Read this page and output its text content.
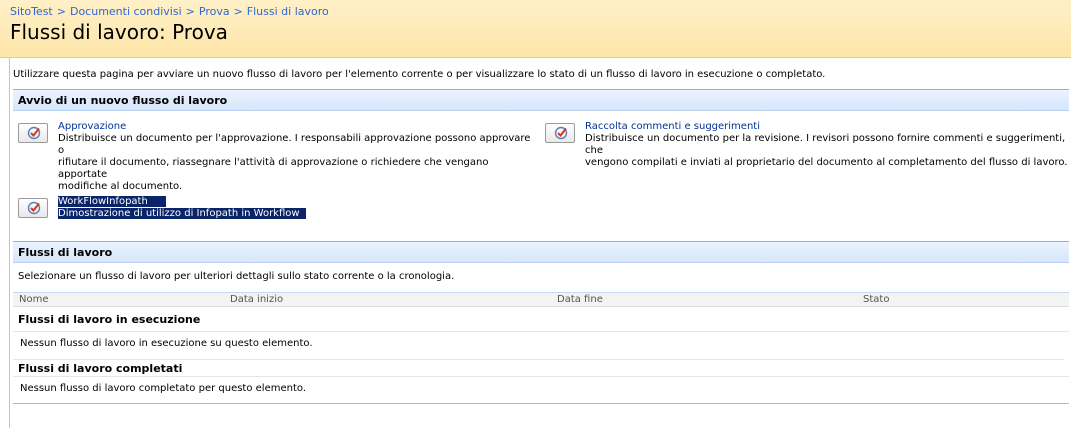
SitoTest > Documenti condivisi > Prova > Flussi di lavoro
Flussi di lavoro: Prova
Utilizzare questa pagina per avviare un nuovo flusso di lavoro per l'elemento corrente o per visualizzare lo stato di un flusso di lavoro in esecuzione o completato.
Avvio di un nuovo flusso di lavoro
Approvazione
Distribuisce un documento per l'approvazione. I responsabili approvazione possono approvare o
rifiutare il documento, riassegnare l'attività di approvazione o richiedere che vengano apportate
modifiche al documento.
Raccolta commenti e suggerimenti
Distribuisce un documento per la revisione. I revisori possono fornire commenti e suggerimenti, che
vengono compilati e inviati al proprietario del documento al completamento del flusso di lavoro.
WorkFlowInfopath
Dimostrazione di utilizzo di Infopath in Workflow
Flussi di lavoro
Selezionare un flusso di lavoro per ulteriori dettagli sullo stato corrente o la cronologia.
Nome	Data inizio	Data fine	Stato
Flussi di lavoro in esecuzione
Nessun flusso di lavoro in esecuzione su questo elemento.
Flussi di lavoro completati
Nessun flusso di lavoro completato per questo elemento.
